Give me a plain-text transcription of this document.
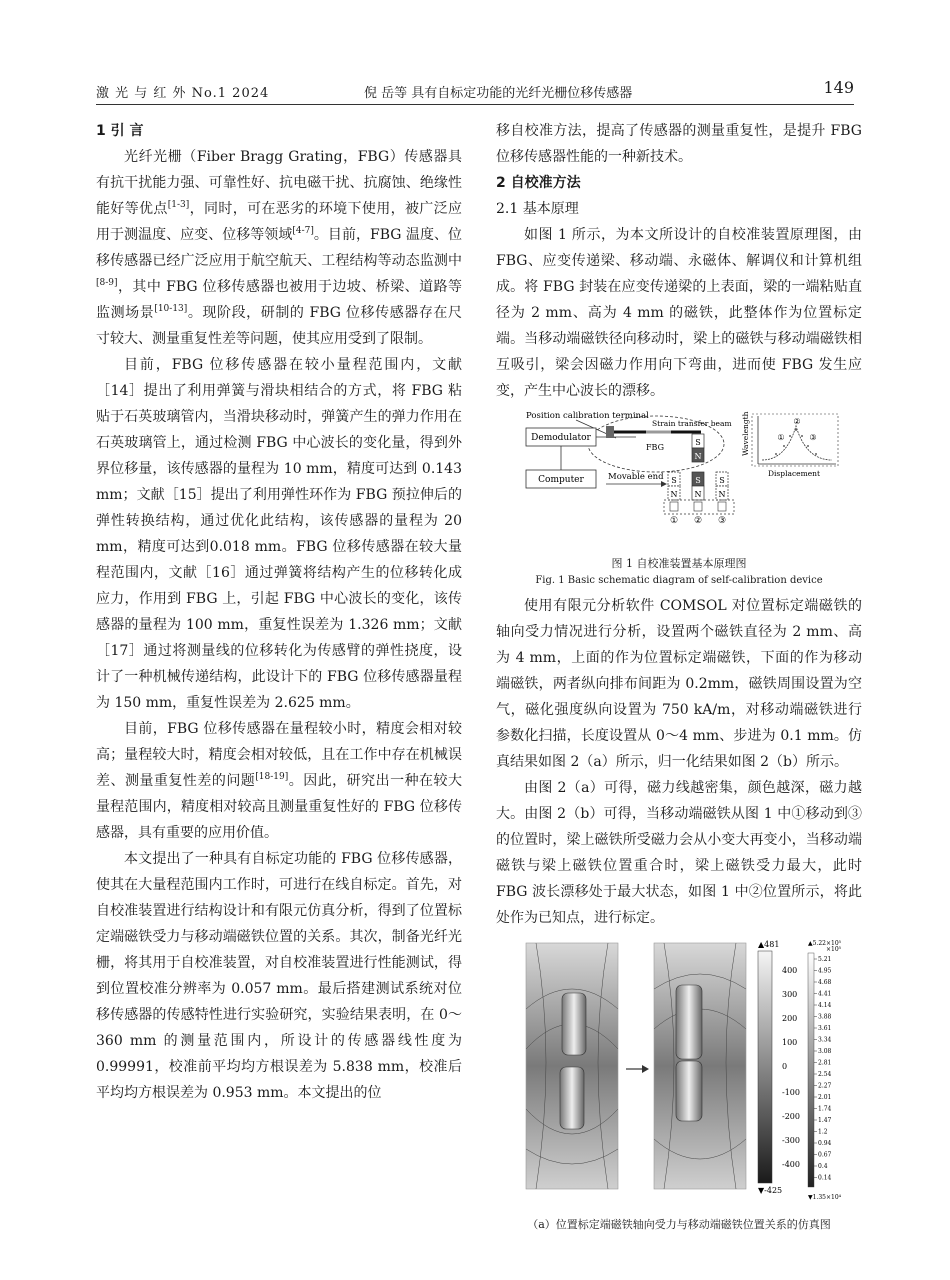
激 光 与 红 外 No.1 2024	倪 岳等 具有自标定功能的光纤光栅位移传感器	149
1 引 言

光纤光栅（Fiber Bragg Grating，FBG）传感器具有抗干扰能力强、可靠性好、抗电磁干扰、抗腐蚀、绝缘性能好等优点[1-3]，同时，可在恶劣的环境下使用，被广泛应用于测温度、应变、位移等领域[4-7]。目前，FBG 温度、位移传感器已经广泛应用于航空航天、工程结构等动态监测中[8-9]，其中 FBG 位移传感器也被用于边坡、桥梁、道路等监测场景[10-13]。现阶段，研制的 FBG 位移传感器存在尺寸较大、测量重复性差等问题，使其应用受到了限制。

目前，FBG 位移传感器在较小量程范围内，文献［14］提出了利用弹簧与滑块相结合的方式，将 FBG 粘贴于石英玻璃管内，当滑块移动时，弹簧产生的弹力作用在石英玻璃管上，通过检测 FBG 中心波长的变化量，得到外界位移量，该传感器的量程为 10 mm，精度可达到 0.143 mm；文献［15］提出了利用弹性环作为 FBG 预拉伸后的弹性转换结构，通过优化此结构，该传感器的量程为 20 mm，精度可达到0.018 mm。FBG 位移传感器在较大量程范围内，文献［16］通过弹簧将结构产生的位移转化成应力，作用到 FBG 上，引起 FBG 中心波长的变化，该传感器的量程为 100 mm，重复性误差为 1.326 mm；文献［17］通过将测量线的位移转化为传感臂的弹性挠度，设计了一种机械传递结构，此设计下的 FBG 位移传感器量程为 150 mm，重复性误差为 2.625 mm。

目前，FBG 位移传感器在量程较小时，精度会相对较高；量程较大时，精度会相对较低，且在工作中存在机械误差、测量重复性差的问题[18-19]。因此，研究出一种在较大量程范围内，精度相对较高且测量重复性好的 FBG 位移传感器，具有重要的应用价值。

本文提出了一种具有自标定功能的 FBG 位移传感器，使其在大量程范围内工作时，可进行在线自标定。首先，对自校准装置进行结构设计和有限元仿真分析，得到了位置标定端磁铁受力与移动端磁铁位置的关系。其次，制备光纤光栅，将其用于自校准装置，对自校准装置进行性能测试，得到位置校准分辨率为 0.057 mm。最后搭建测试系统对位移传感器的传感特性进行实验研究，实验结果表明，在 0～360 mm 的测量范围内，所设计的传感器线性度为 0.99991，校准前平均均方根误差为 5.838 mm，校准后平均均方根误差为 0.953 mm。本文提出的位

移自校准方法，提高了传感器的测量重复性，是提升 FBG 位移传感器性能的一种新技术。

2 自校准方法
2.1 基本原理

如图 1 所示，为本文所设计的自校准装置原理图，由 FBG、应变传递梁、移动端、永磁体、解调仪和计算机组成。将 FBG 封装在应变传递梁的上表面，梁的一端粘贴直径为 2 mm、高为 4 mm 的磁铁，此整体作为位置标定端。当移动端磁铁径向移动时，梁上的磁铁与移动端磁铁相互吸引，梁会因磁力作用向下弯曲，进而使 FBG 发生应变，产生中心波长的漂移。

Position calibration terminal
Demodulator
Strain transfer beam
FBG
S
N
Computer	Movable end S
N
S
N
S
N
① ② ③
Wavelength
Displacement
①
②
③
图 1 自校准装置基本原理图
Fig. 1 Basic schematic diagram of self-calibration device

使用有限元分析软件 COMSOL 对位置标定端磁铁的轴向受力情况进行分析，设置两个磁铁直径为 2 mm、高为 4 mm，上面的作为位置标定端磁铁，下面的作为移动端磁铁，两者纵向排布间距为 0.2mm，磁铁周围设置为空气，磁化强度纵向设置为 750 kA/m，对移动端磁铁进行参数化扫描，长度设置从 0～4 mm、步进为 0.1 mm。仿真结果如图 2（a）所示，归一化结果如图 2（b）所示。

由图 2（a）可得，磁力线越密集，颜色越深，磁力越大。由图 2（b）可得，当移动端磁铁从图 1 中①移动到③的位置时，梁上磁铁所受磁力会从小变大再变小，当移动端磁铁与梁上磁铁位置重合时，梁上磁铁受力最大，此时 FBG 波长漂移处于最大状态，如图 1 中②位置所示，将此处作为已知点，进行标定。

▲481
400
300
200
100
0
-100
-200
-300
-400
▼-425
▲5.22×10⁵
×10⁵
5.21
4.95
4.68
4.41
4.14
3.88
3.61
3.34
3.08
2.81
2.54
2.27
2.01
1.74
1.47
1.2
0.94
0.67
0.4
0.14
▼1.35×10⁴
（a）位置标定端磁铁轴向受力与移动端磁铁位置关系的仿真图
